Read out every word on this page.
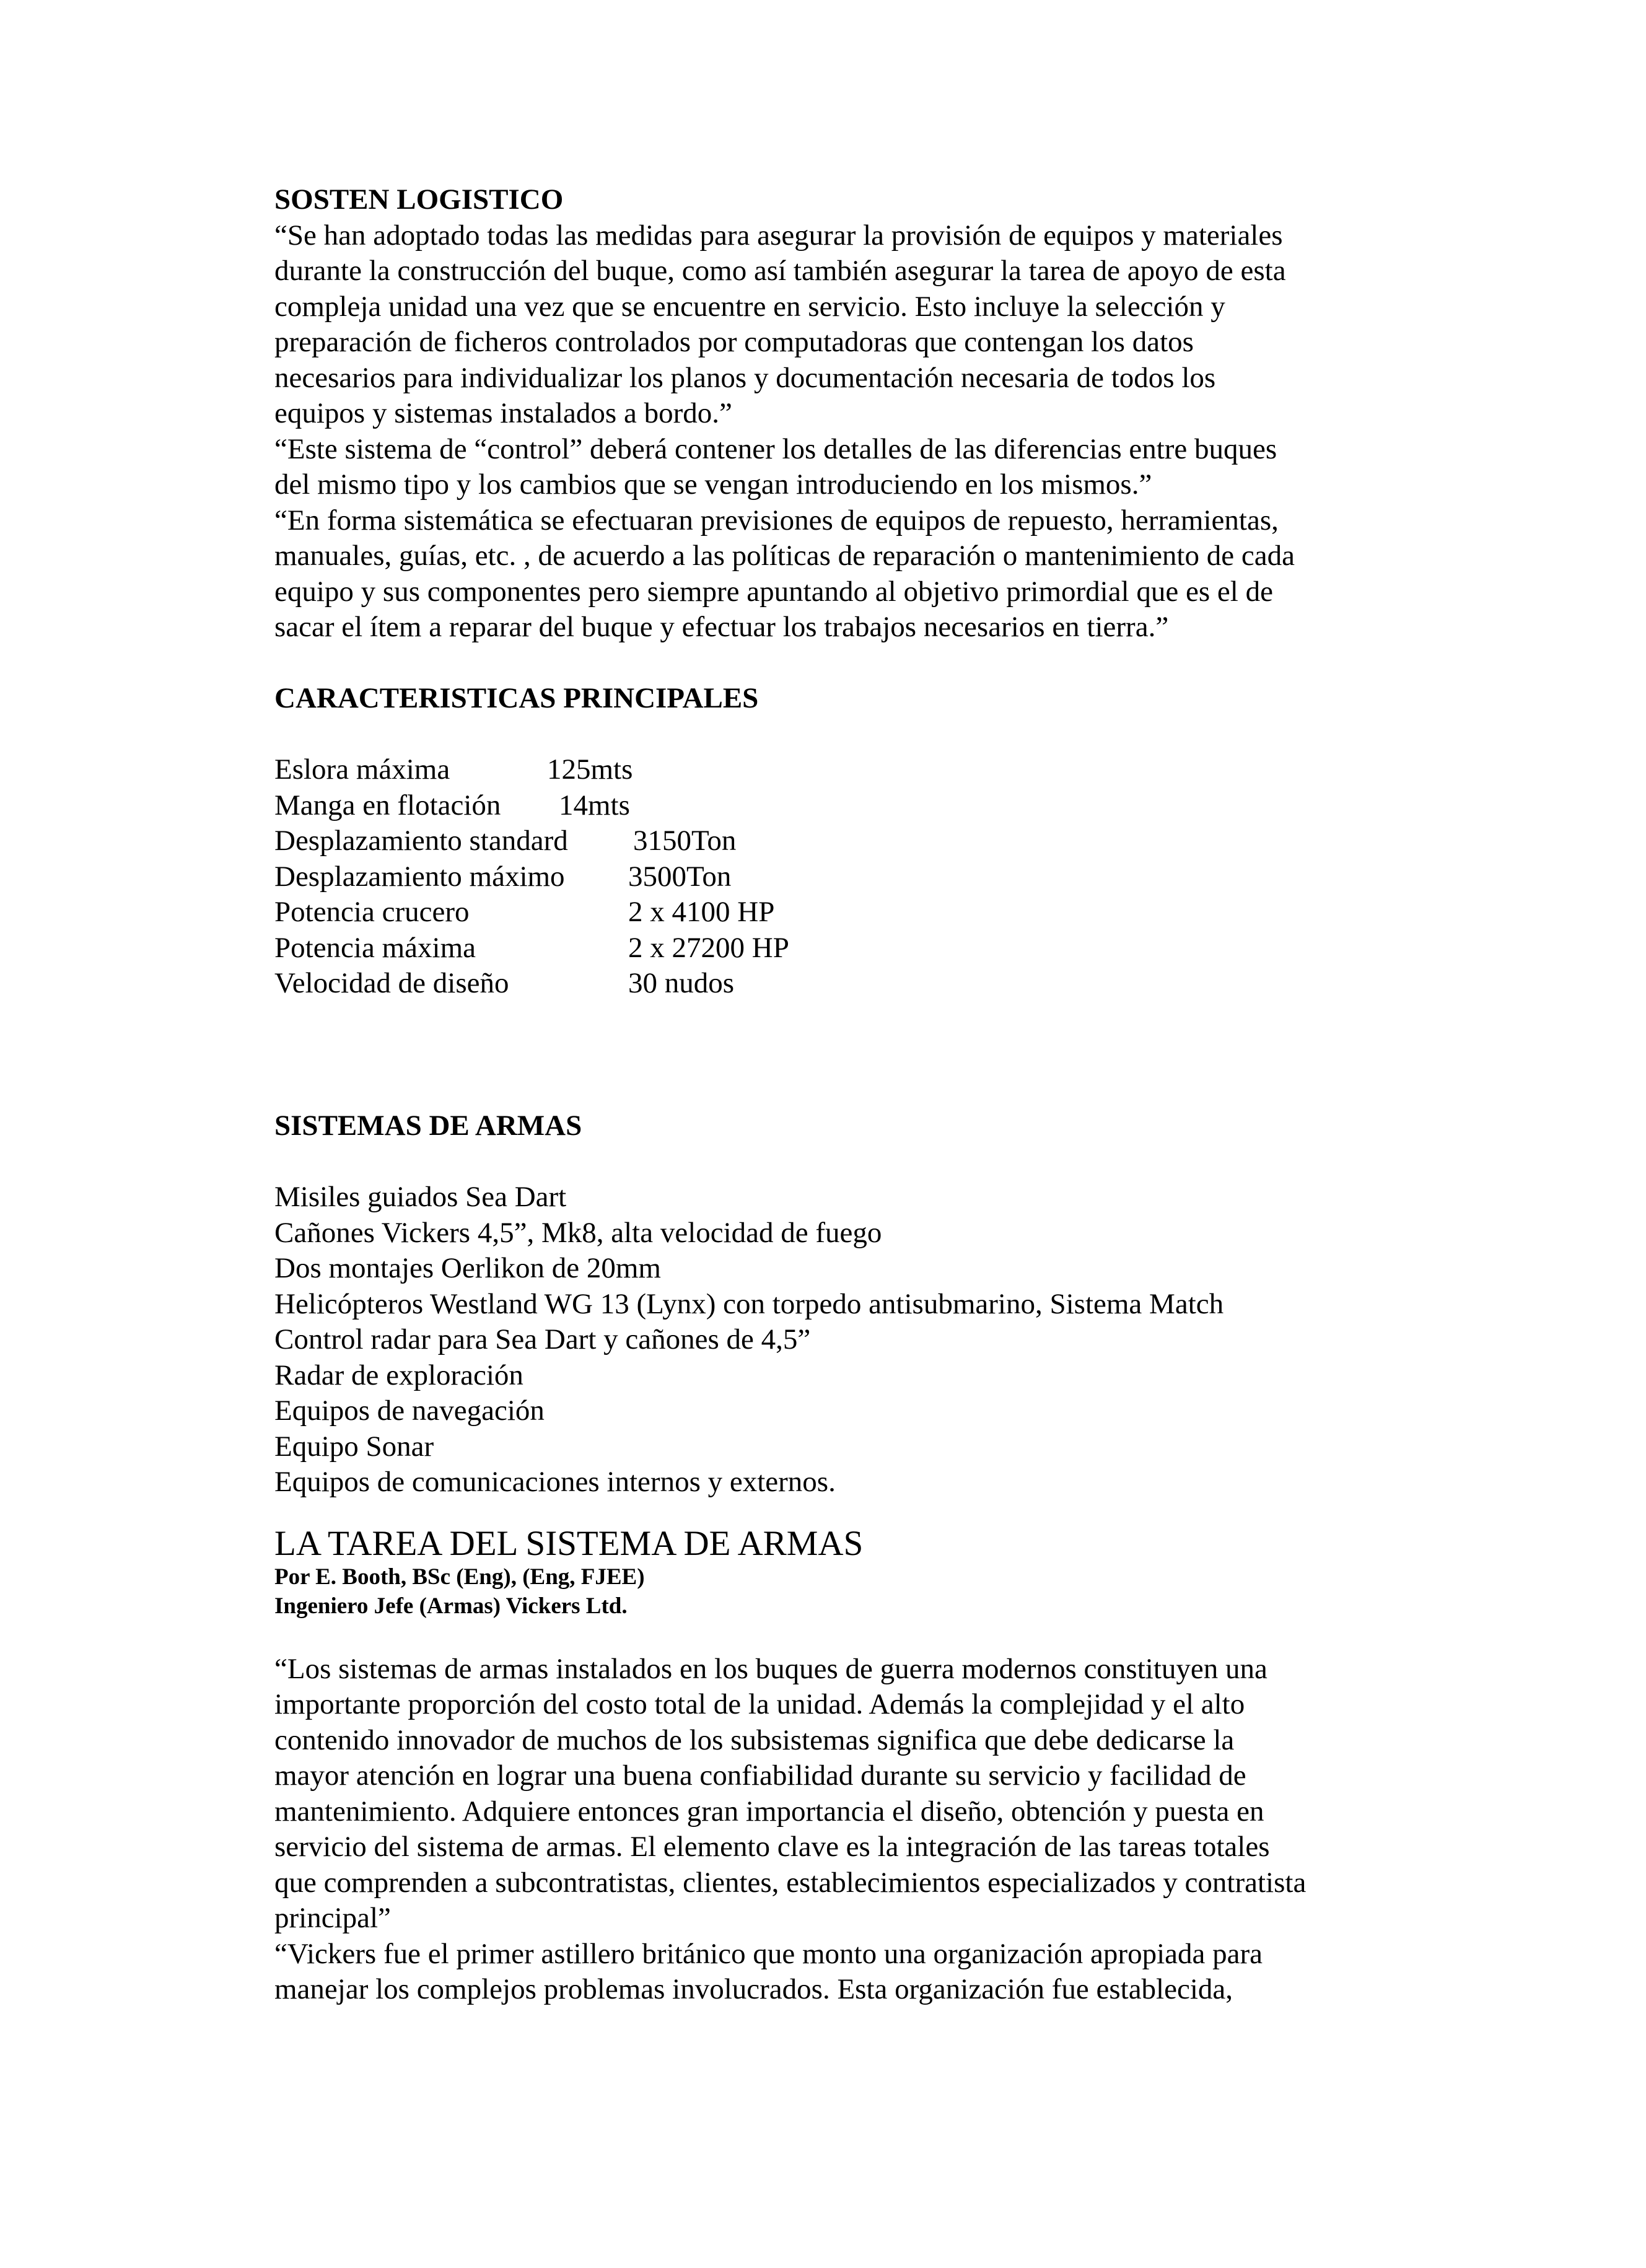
SOSTEN LOGISTICO
“Se han adoptado todas las medidas para asegurar la provisión de equipos y materiales
durante la construcción del buque, como así también asegurar la tarea de apoyo de esta
compleja unidad una vez que se encuentre en servicio. Esto incluye la selección y
preparación de ficheros controlados por computadoras que contengan los datos
necesarios para individualizar los planos y documentación necesaria de todos los
equipos y sistemas instalados a bordo.”
“Este sistema de “control” deberá contener los detalles de las diferencias entre buques
del mismo tipo y los cambios que se vengan introduciendo en los mismos.”
“En forma sistemática se efectuaran previsiones de equipos de repuesto, herramientas,
manuales, guías, etc. , de acuerdo a las políticas de reparación o mantenimiento de cada
equipo y sus componentes pero siempre apuntando al objetivo primordial que es el de
sacar el ítem a reparar del buque y efectuar los trabajos necesarios en tierra.”
CARACTERISTICAS PRINCIPALES
Eslora máxima	125mts
Manga en flotación	14mts
Desplazamiento standard	3150Ton
Desplazamiento máximo	3500Ton
Potencia crucero	2 x 4100 HP
Potencia máxima	2 x 27200 HP
Velocidad de diseño	30 nudos
SISTEMAS DE ARMAS
Misiles guiados Sea Dart
Cañones Vickers 4,5”, Mk8, alta velocidad de fuego
Dos montajes Oerlikon de 20mm
Helicópteros Westland WG 13 (Lynx) con torpedo antisubmarino, Sistema Match
Control radar para Sea Dart y cañones de 4,5”
Radar de exploración
Equipos de navegación
Equipo Sonar
Equipos de comunicaciones internos y externos.
LA TAREA DEL SISTEMA DE ARMAS
Por E. Booth, BSc (Eng), (Eng, FJEE)
Ingeniero Jefe (Armas) Vickers Ltd.
“Los sistemas de armas instalados en los buques de guerra modernos constituyen una
importante proporción del costo total de la unidad. Además la complejidad y el alto
contenido innovador de muchos de los subsistemas significa que debe dedicarse la
mayor atención en lograr una buena confiabilidad durante su servicio y facilidad de
mantenimiento. Adquiere entonces gran importancia el diseño, obtención y puesta en
servicio del sistema de armas. El elemento clave es la integración de las tareas totales
que comprenden a subcontratistas, clientes, establecimientos especializados y contratista
principal”
“Vickers fue el primer astillero británico que monto una organización apropiada para
manejar los complejos problemas involucrados. Esta organización fue establecida,
